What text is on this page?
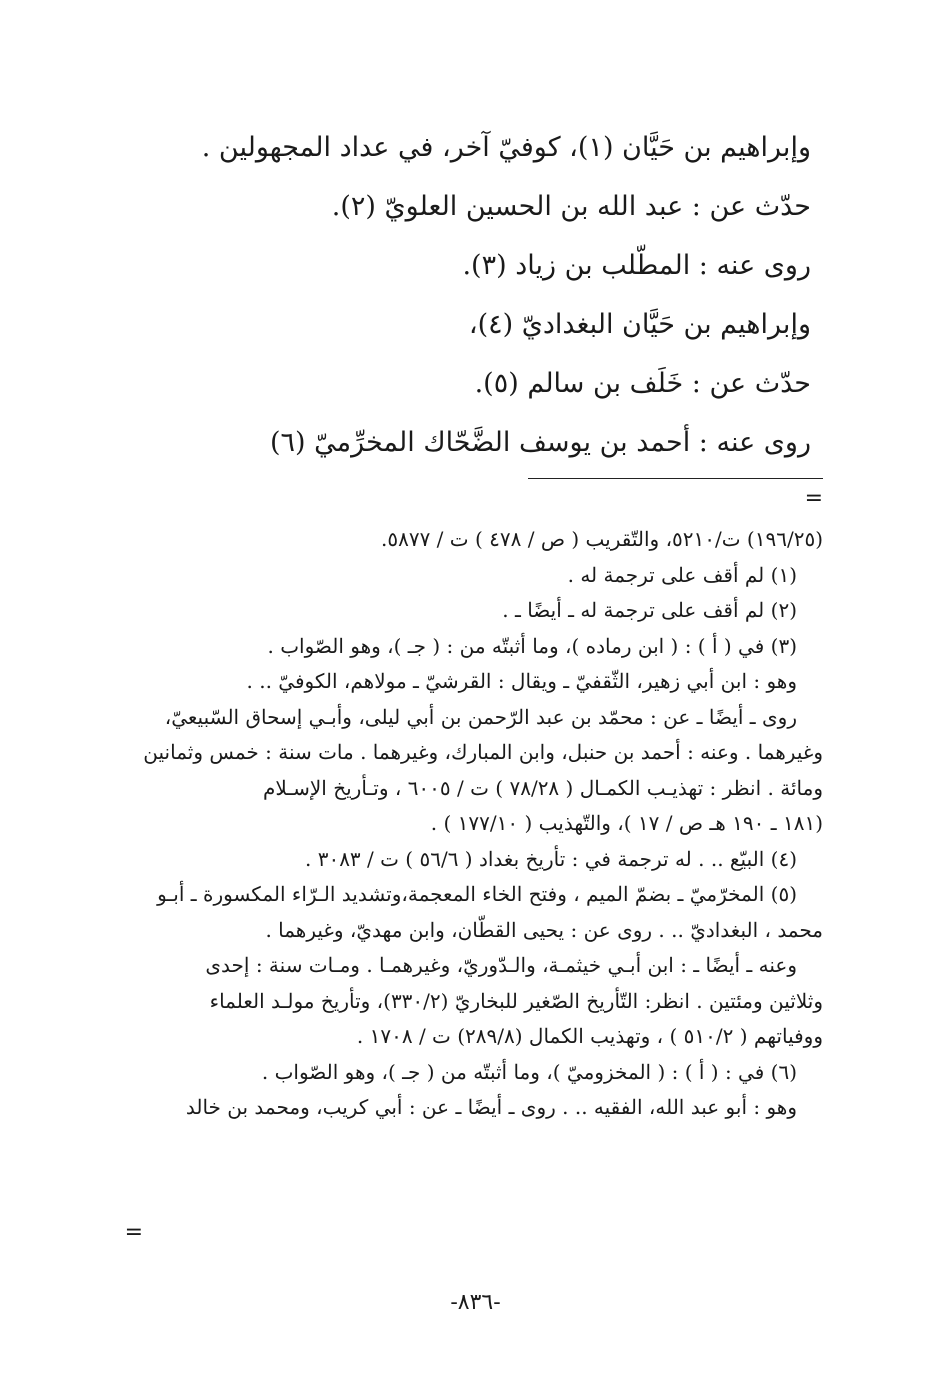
وإبراهيم بن حَيَّان (١)، كوفيّ آخر، في عداد المجهولين .
حدّث عن : عبد الله بن الحسين العلويّ (٢).
روى عنه : المطّلب بن زياد (٣).
وإبراهيم بن حَيَّان البغداديّ (٤)،
حدّث عن : خَلَف بن سالم (٥).
روى عنه : أحمد بن يوسف الضَّحّاك المخرِّميّ (٦)
=
(١٩٦/٢٥) ت/٥٢١٠، والتّقريب ( ص / ٤٧٨ ) ت / ٥٨٧٧.
(١) لم أقف على ترجمة له .
(٢) لم أقف على ترجمة له ـ أيضًا ـ .
(٣) في ( أ ) : ( ابن رماده )، وما أثبتّه من : ( جـ )، وهو الصّواب .
وهو : ابن أبي زهير، الثّقفيّ ـ ويقال : القرشيّ ـ مولاهم، الكوفيّ .. .
روى ـ أيضًا ـ عن : محمّد بن عبد الرّحمن بن أبي ليلى، وأبـي إسحاق السّبيعيّ،
وغيرهما . وعنه : أحمد بن حنبل، وابن المبارك، وغيرهما . مات سنة : خمس وثمانين
ومائة . انظر : تهذيـب الكمـال ( ٧٨/٢٨ ) ت / ٦٠٠٥ ، وتـأريخ الإسـلام
(١٨١ ـ ١٩٠ هـ ص / ١٧ )، والتّهذيب ( ١٧٧/١٠ ) .
(٤) البيّع .. . له ترجمة في : تأريخ بغداد ( ٥٦/٦ ) ت / ٣٠٨٣ .
(٥) المخرّميّ ـ بضمّ الميم ، وفتح الخاء المعجمة،وتشديد الـرّاء المكسورة ـ أبـو
محمد ، البغداديّ .. . روى عن : يحيى القطّان، وابن مهديّ، وغيرهما .
وعنه ـ أيضًا ـ : ابن أبـي خيثمـة، والـدّوريّ، وغيرهمـا . ومـات سنة : إحدى
وثلاثين ومئتين . انظر: التّأريخ الصّغير للبخاريّ (٣٣٠/٢)، وتأريخ مولـد العلماء
ووفياتهم ( ٥١٠/٢ ) ، وتهذيب الكمال (٢٨٩/٨) ت / ١٧٠٨ .
(٦) في : ( أ ) : ( المخزوميّ )، وما أثبتّه من ( جـ )، وهو الصّواب .
وهو : أبو عبد الله، الفقيه .. . روى ـ أيضًا ـ عن : أبي كريب، ومحمد بن خالد
=
-٨٣٦-
